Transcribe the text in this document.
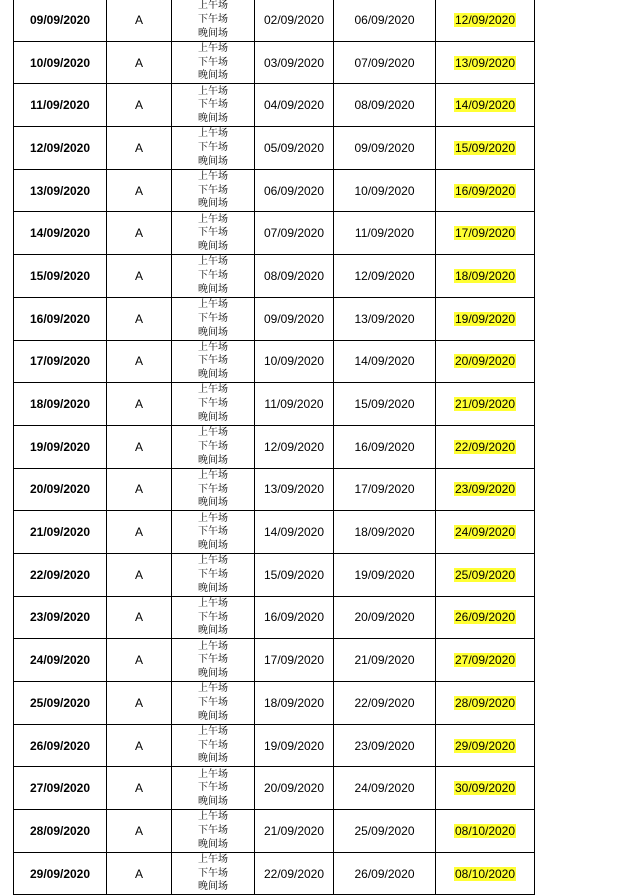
09/09/2020	A	上午场
下午场
晚间场	02/09/2020	06/09/2020	12/09/2020
10/09/2020	A	上午场
下午场
晚间场	03/09/2020	07/09/2020	13/09/2020
11/09/2020	A	上午场
下午场
晚间场	04/09/2020	08/09/2020	14/09/2020
12/09/2020	A	上午场
下午场
晚间场	05/09/2020	09/09/2020	15/09/2020
13/09/2020	A	上午场
下午场
晚间场	06/09/2020	10/09/2020	16/09/2020
14/09/2020	A	上午场
下午场
晚间场	07/09/2020	11/09/2020	17/09/2020
15/09/2020	A	上午场
下午场
晚间场	08/09/2020	12/09/2020	18/09/2020
16/09/2020	A	上午场
下午场
晚间场	09/09/2020	13/09/2020	19/09/2020
17/09/2020	A	上午场
下午场
晚间场	10/09/2020	14/09/2020	20/09/2020
18/09/2020	A	上午场
下午场
晚间场	11/09/2020	15/09/2020	21/09/2020
19/09/2020	A	上午场
下午场
晚间场	12/09/2020	16/09/2020	22/09/2020
20/09/2020	A	上午场
下午场
晚间场	13/09/2020	17/09/2020	23/09/2020
21/09/2020	A	上午场
下午场
晚间场	14/09/2020	18/09/2020	24/09/2020
22/09/2020	A	上午场
下午场
晚间场	15/09/2020	19/09/2020	25/09/2020
23/09/2020	A	上午场
下午场
晚间场	16/09/2020	20/09/2020	26/09/2020
24/09/2020	A	上午场
下午场
晚间场	17/09/2020	21/09/2020	27/09/2020
25/09/2020	A	上午场
下午场
晚间场	18/09/2020	22/09/2020	28/09/2020
26/09/2020	A	上午场
下午场
晚间场	19/09/2020	23/09/2020	29/09/2020
27/09/2020	A	上午场
下午场
晚间场	20/09/2020	24/09/2020	30/09/2020
28/09/2020	A	上午场
下午场
晚间场	21/09/2020	25/09/2020	08/10/2020
29/09/2020	A	上午场
下午场
晚间场	22/09/2020	26/09/2020	08/10/2020
